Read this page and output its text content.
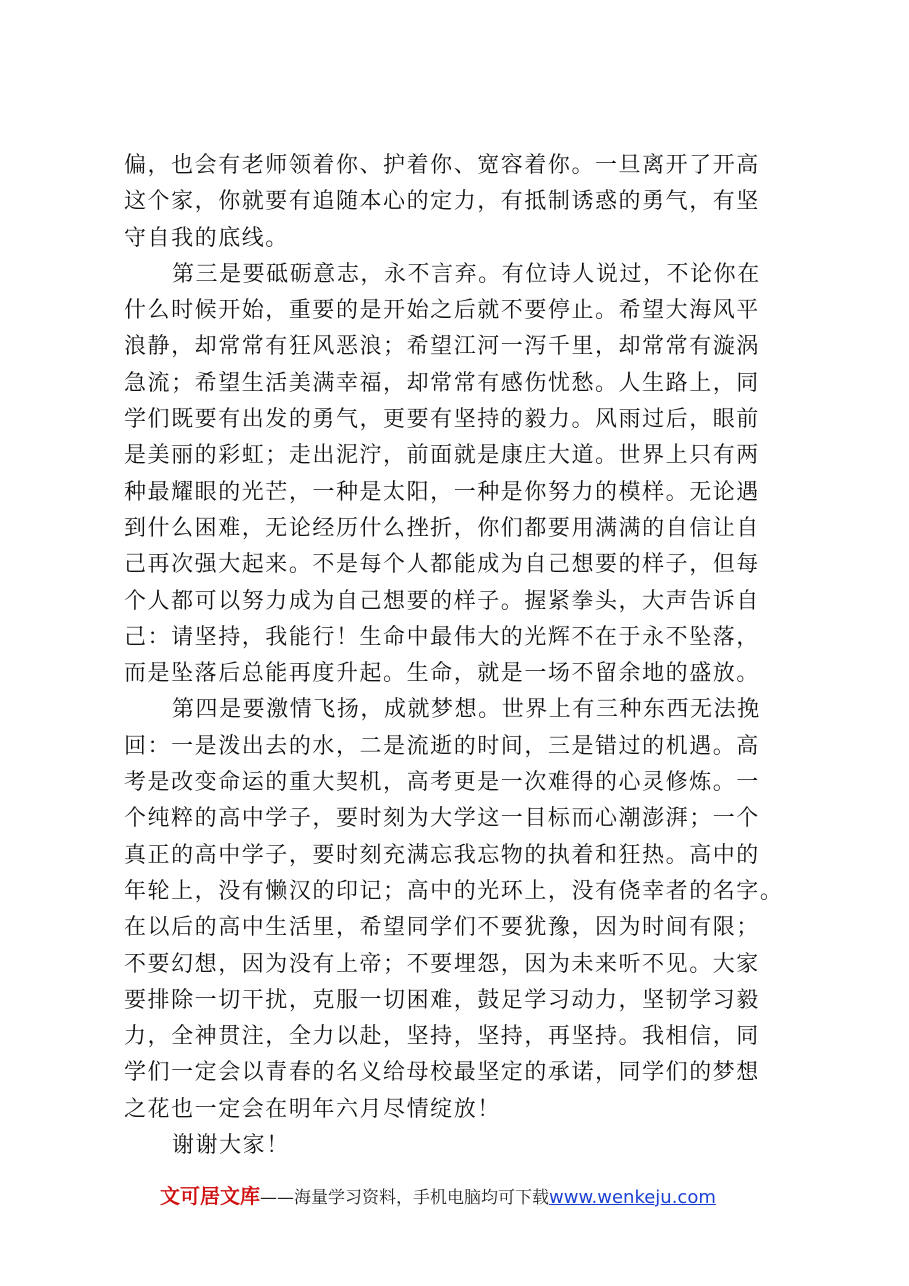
偏，也会有老师领着你、护着你、宽容着你。一旦离开了开高
这个家，你就要有追随本心的定力，有抵制诱惑的勇气，有坚
守自我的底线。
第三是要砥砺意志，永不言弃。有位诗人说过，不论你在
什么时候开始，重要的是开始之后就不要停止。希望大海风平
浪静，却常常有狂风恶浪；希望江河一泻千里，却常常有漩涡
急流；希望生活美满幸福，却常常有感伤忧愁。人生路上，同
学们既要有出发的勇气，更要有坚持的毅力。风雨过后，眼前
是美丽的彩虹；走出泥泞，前面就是康庄大道。世界上只有两
种最耀眼的光芒，一种是太阳，一种是你努力的模样。无论遇
到什么困难，无论经历什么挫折，你们都要用满满的自信让自
己再次强大起来。不是每个人都能成为自己想要的样子，但每
个人都可以努力成为自己想要的样子。握紧拳头，大声告诉自
己：请坚持，我能行！生命中最伟大的光辉不在于永不坠落，
而是坠落后总能再度升起。生命，就是一场不留余地的盛放。
第四是要激情飞扬，成就梦想。世界上有三种东西无法挽
回：一是泼出去的水，二是流逝的时间，三是错过的机遇。高
考是改变命运的重大契机，高考更是一次难得的心灵修炼。一
个纯粹的高中学子，要时刻为大学这一目标而心潮澎湃；一个
真正的高中学子，要时刻充满忘我忘物的执着和狂热。高中的
年轮上，没有懒汉的印记；高中的光环上，没有侥幸者的名字。
在以后的高中生活里，希望同学们不要犹豫，因为时间有限；
不要幻想，因为没有上帝；不要埋怨，因为未来听不见。大家
要排除一切干扰，克服一切困难，鼓足学习动力，坚韧学习毅
力，全神贯注，全力以赴，坚持，坚持，再坚持。我相信，同
学们一定会以青春的名义给母校最坚定的承诺，同学们的梦想
之花也一定会在明年六月尽情绽放！
谢谢大家！
文可居文库——海量学习资料，手机电脑均可下载www.wenkeju.com
